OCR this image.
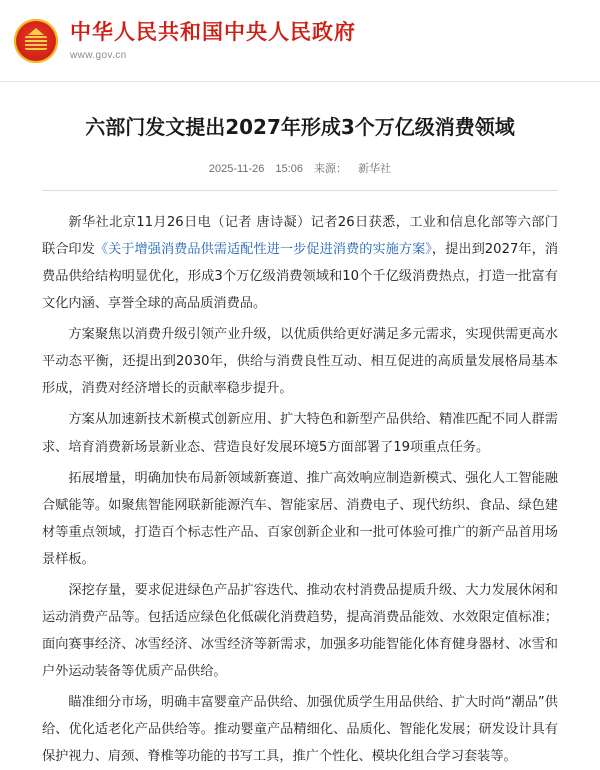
中华人民共和国中央人民政府
www.gov.cn
六部门发文提出2027年形成3个万亿级消费领域
2025-11-26 15:06 来源： 新华社

新华社北京11月26日电（记者 唐诗凝）记者26日获悉，工业和信息化部等六部门联合印发《关于增强消费品供需适配性进一步促进消费的实施方案》，提出到2027年，消费品供给结构明显优化，形成3个万亿级消费领域和10个千亿级消费热点，打造一批富有文化内涵、享誉全球的高品质消费品。

方案聚焦以消费升级引领产业升级，以优质供给更好满足多元需求，实现供需更高水平动态平衡，还提出到2030年，供给与消费良性互动、相互促进的高质量发展格局基本形成，消费对经济增长的贡献率稳步提升。

方案从加速新技术新模式创新应用、扩大特色和新型产品供给、精准匹配不同人群需求、培育消费新场景新业态、营造良好发展环境5方面部署了19项重点任务。

拓展增量，明确加快布局新领域新赛道、推广高效响应制造新模式、强化人工智能融合赋能等。如聚焦智能网联新能源汽车、智能家居、消费电子、现代纺织、食品、绿色建材等重点领域，打造百个标志性产品、百家创新企业和一批可体验可推广的新产品首用场景样板。

深挖存量，要求促进绿色产品扩容迭代、推动农村消费品提质升级、大力发展休闲和运动消费产品等。包括适应绿色化低碳化消费趋势，提高消费品能效、水效限定值标准；面向赛事经济、冰雪经济、冰雪经济等新需求，加强多功能智能化体育健身器材、冰雪和户外运动装备等优质产品供给。

瞄准细分市场，明确丰富婴童产品供给、加强优质学生用品供给、扩大时尚“潮品”供给、优化适老化产品供给等。推动婴童产品精细化、品质化、智能化发展；研发设计具有保护视力、肩颈、脊椎等功能的书写工具，推广个性化、模块化组合学习套装等。
